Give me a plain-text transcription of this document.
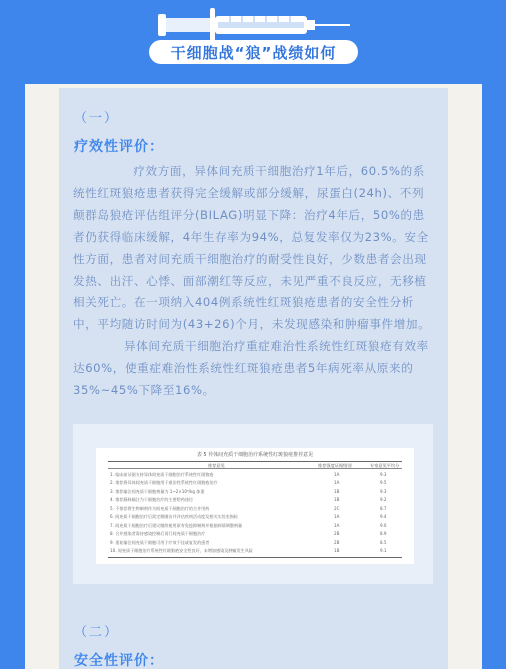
干细胞战“狼”战绩如何
（一）
疗效性评价：

疗效方面，异体间充质干细胞治疗1年后，60.5%的系统性红斑狼疮患者获得完全缓解或部分缓解，尿蛋白(24h)、不列颠群岛狼疮评估组评分(BILAG)明显下降：治疗4年后，50%的患者仍获得临床缓解，4年生存率为94%，总复发率仅为23%。安全性方面，患者对间充质干细胞治疗的耐受性良好，少数患者会出现发热、出汗、心悸、面部潮红等反应，未见严重不良反应，无移植相关死亡。在一项纳入404例系统性红斑狼疮患者的安全性分析中，平均随访时间为(43+26)个月，未发现感染和肿瘤事件增加。

异体间充质干细胞治疗重症难治性系统性红斑狼疮有效率达60%，使重症难治性系统性红斑狼疮患者5年病死率从原来的35%~45%下降至16%。

表 5 异体间充质干细胞治疗系统性红斑狼疮推荐意见
推荐意见	推荐强度证据级别	专家意见平均分
1. 临床前证据支持异体间充质干细胞治疗系统性红斑狼疮	1A	9.3
2. 推荐将异体间充质干细胞用于难治性系统性红斑狼疮治疗	1A	9.5
3. 推荐输注间充质干细胞剂量为 1~2×10⁶/kg 体重	1B	9.3
4. 推荐静脉输注为干细胞治疗的主要给药途径	1B	9.2
5. 不推荐将生物制剂作为间充质干细胞治疗的合并用药	2C	8.7
6. 间充质干细胞治疗后需定期随访并评估疾病活动度及相关实验室指标	1A	9.4
7. 间充质干细胞治疗后建议继续使用原有免疫抑制剂并根据病情调整剂量	1A	9.0
8. 合并感染者需待感染控制后再行间充质干细胞治疗	2B	8.9
9. 重复输注间充质干细胞可用于疗效不佳或复发的患者	2B	8.5
10. 间充质干细胞治疗系统性红斑狼疮安全性良好，未增加感染及肿瘤发生风险	1B	9.1
（二）
安全性评价：
